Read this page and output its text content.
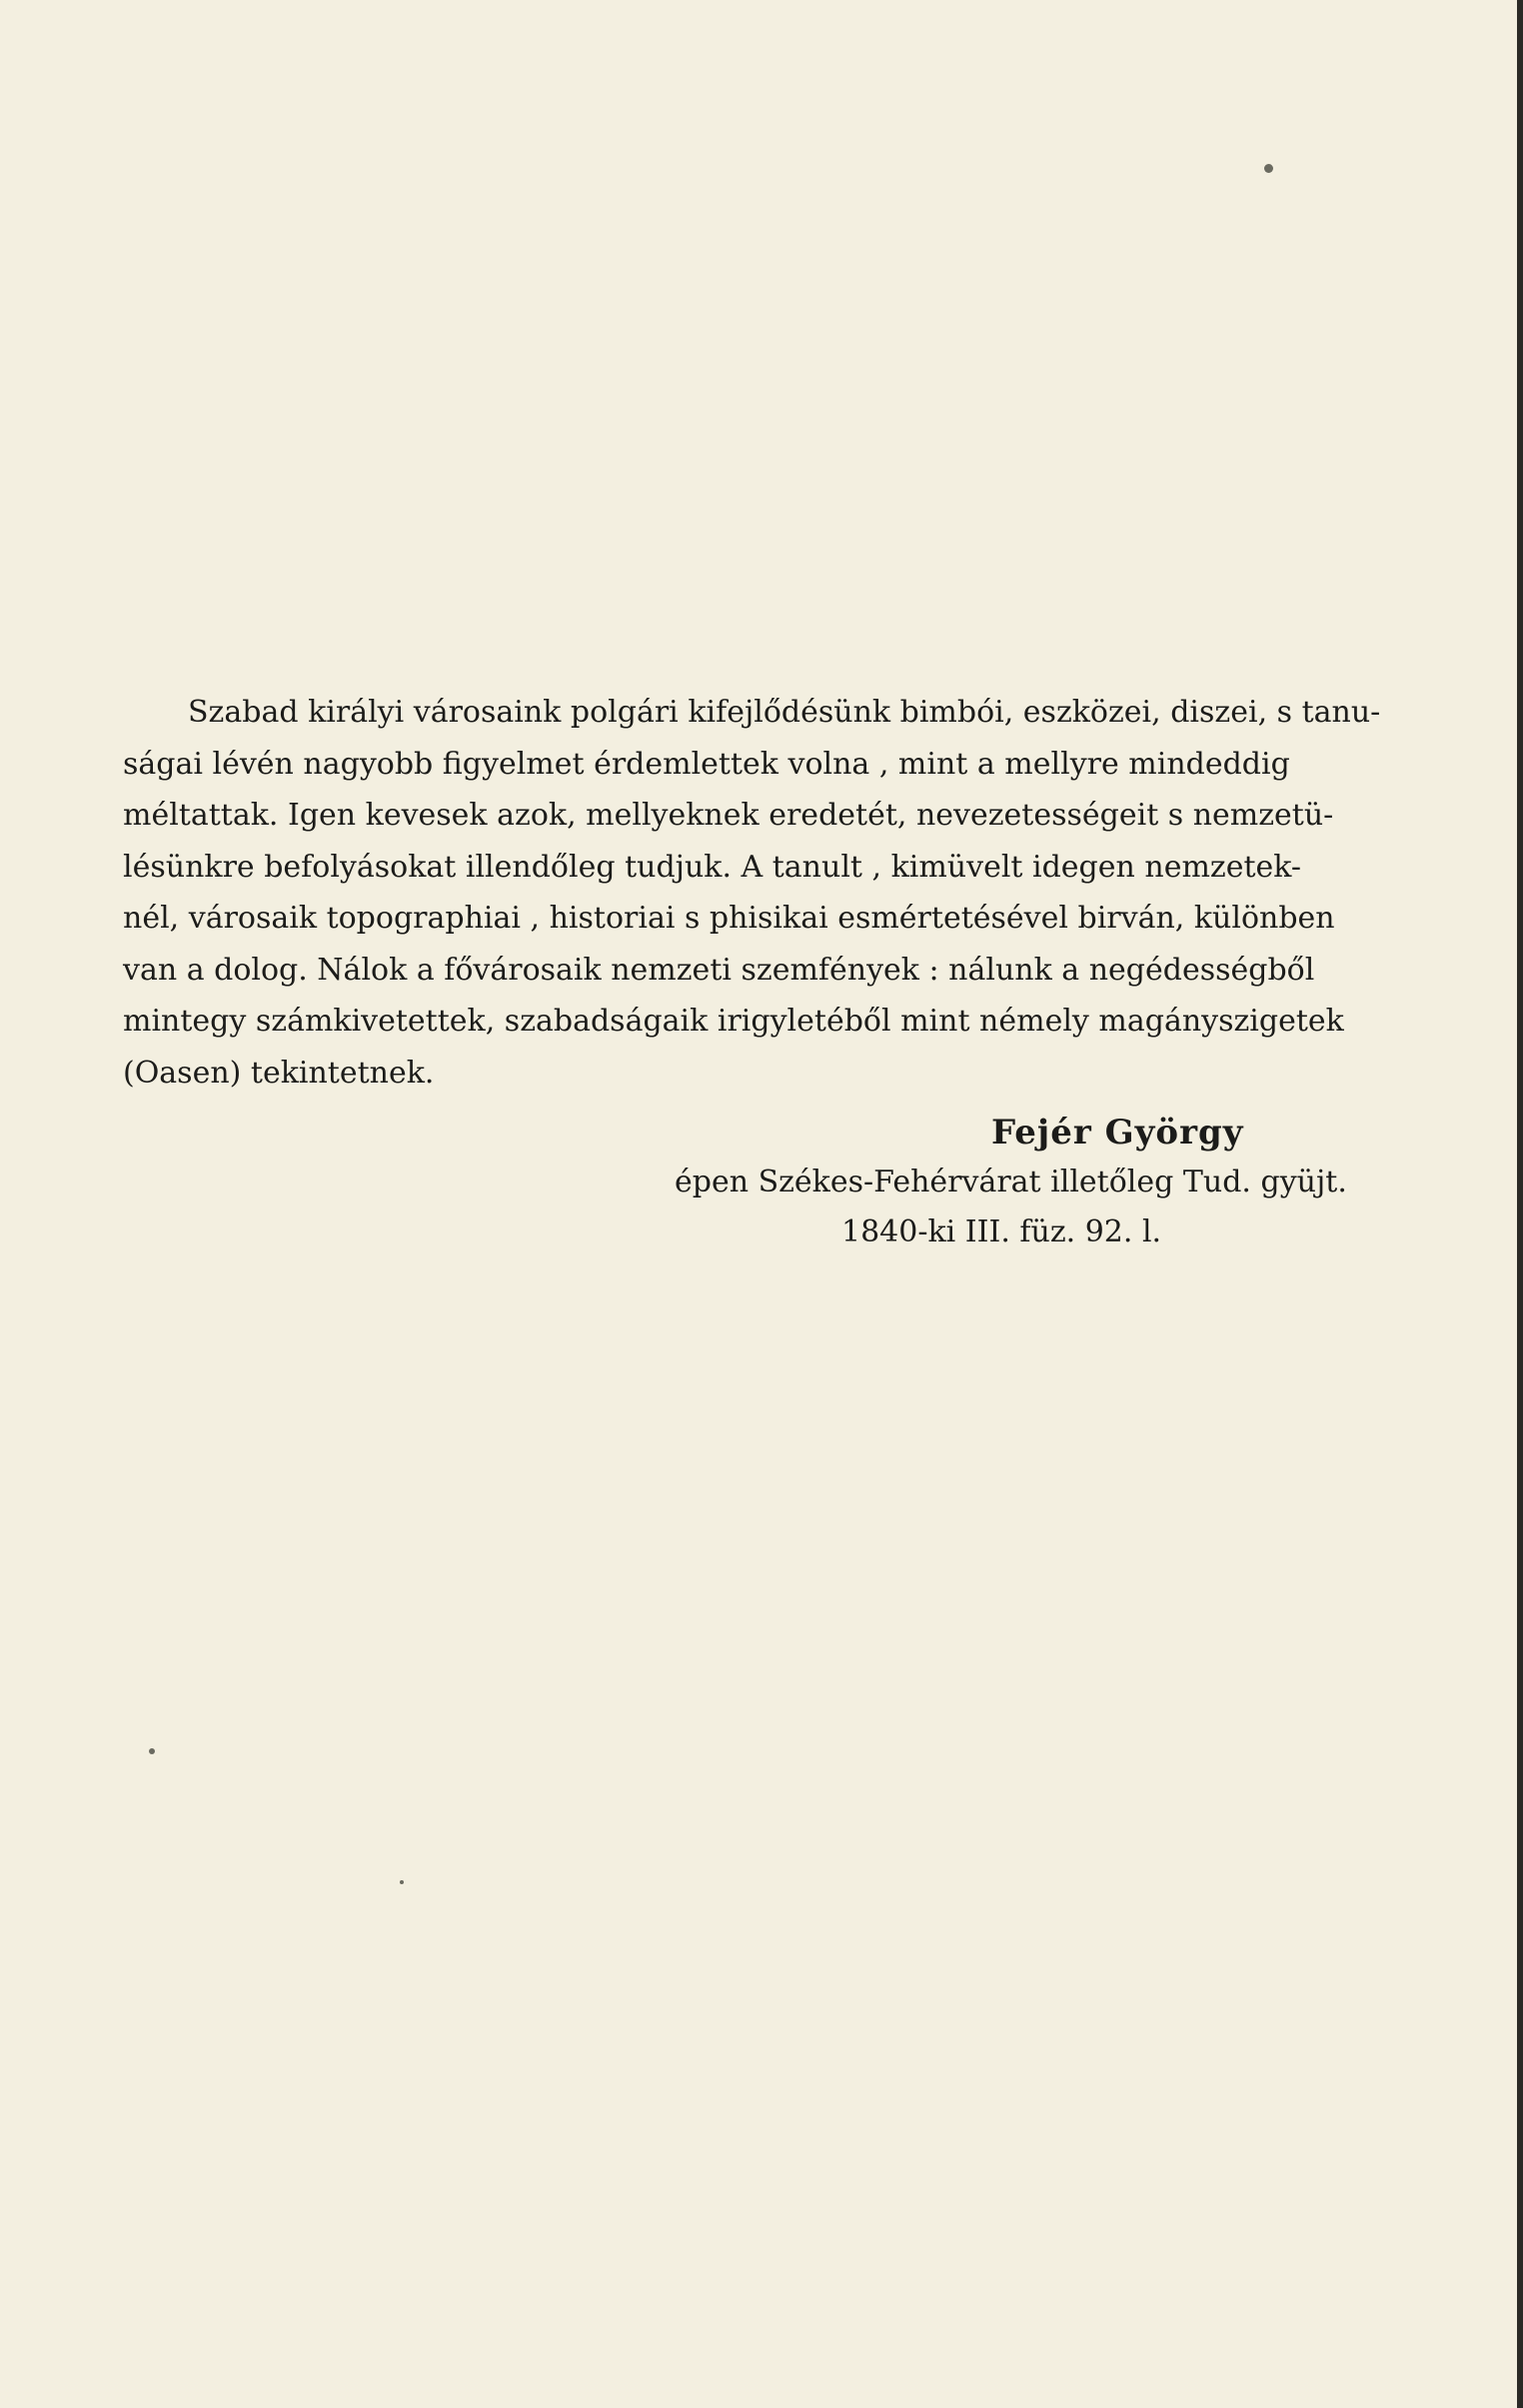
Szabad királyi városaink polgári kifejlődésünk bimbói, eszközei, diszei, s tanu-
ságai lévén nagyobb figyelmet érdemlettek volna , mint a mellyre mindeddig
méltattak. Igen kevesek azok, mellyeknek eredetét, nevezetességeit s nemzetü-
lésünkre befolyásokat illendőleg tudjuk. A tanult , kimüvelt idegen nemzetek-
nél, városaik topographiai , historiai s phisikai esmértetésével birván, különben
van a dolog. Nálok a fővárosaik nemzeti szemfények : nálunk a negédességből
mintegy számkivetettek, szabadságaik irigyletéből mint némely magányszigetek
(Oasen) tekintetnek.
Fejér György
épen Székes-Fehérvárat illetőleg Tud. gyüjt.
1840-ki III. füz. 92. l.
